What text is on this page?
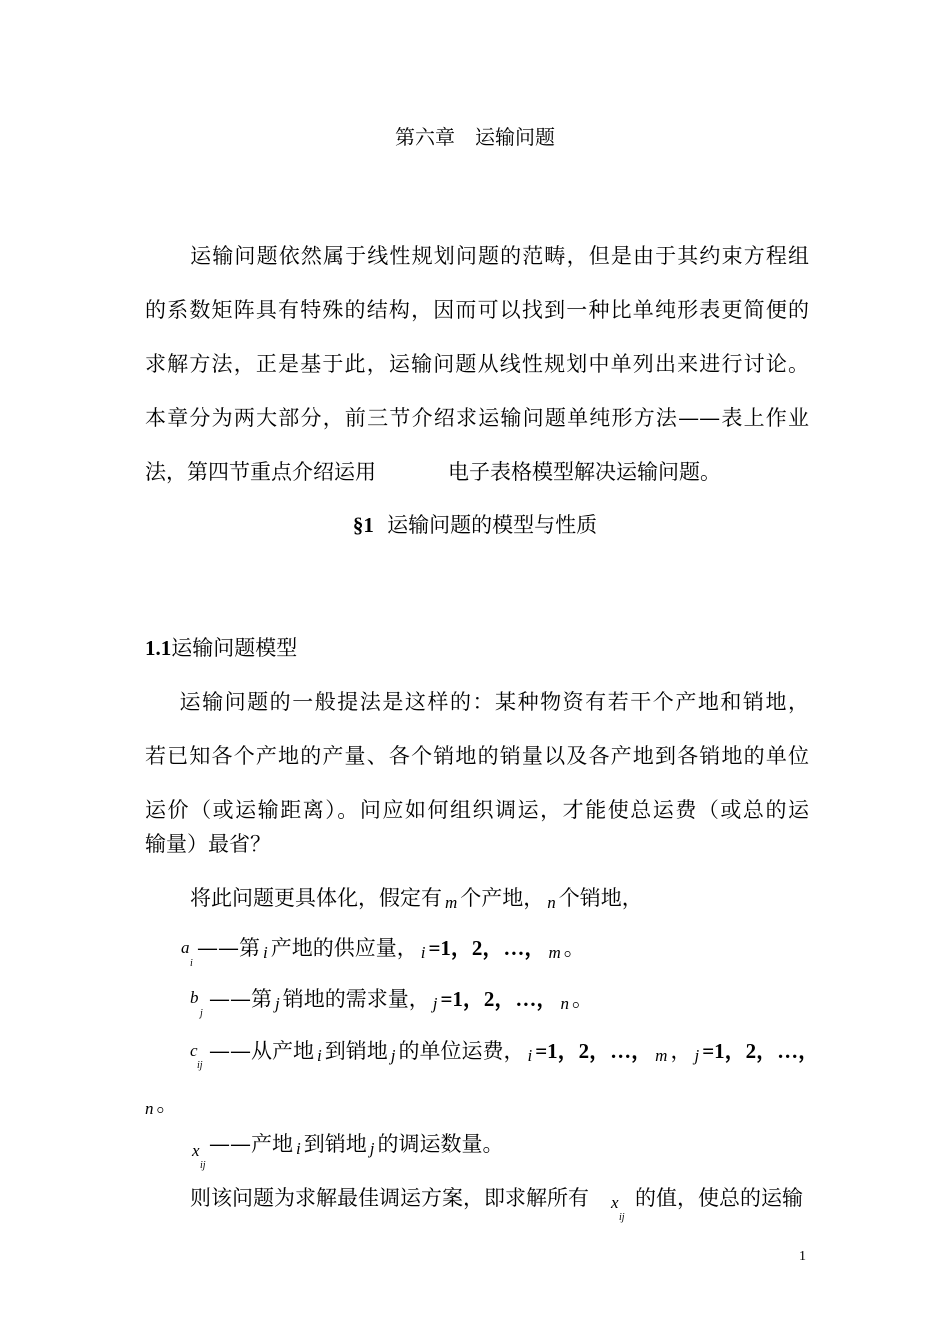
第六章　运输问题
运输问题依然属于线性规划问题的范畴，但是由于其约束方程组
的系数矩阵具有特殊的结构，因而可以找到一种比单纯形表更简便的
求解方法，正是基于此，运输问题从线性规划中单列出来进行讨论。
本章分为两大部分，前三节介绍求运输问题单纯形方法——表上作业
法，第四节重点介绍运用	电子表格模型解决运输问题。
§1 运输问题的模型与性质
1.1运输问题模型
运输问题的一般提法是这样的：某种物资有若干个产地和销地，
若已知各个产地的产量、各个销地的销量以及各产地到各销地的单位
运价（或运输距离）。问应如何组织调运，才能使总运费（或总的运
输量）最省？
将此问题更具体化，假定有 m 个产地， n 个销地，
a
i
——第 i 产地的供应量， i =1，2，…， m 。
b
j
——第 j 销地的需求量， j =1，2，…， n 。
c
ij
——从产地 i 到销地 j 的单位运费， i =1，2，…， m ， j =1，2，…，
n 。
x
ij
——产地 i 到销地 j 的调运数量。
则该问题为求解最佳调运方案，即求解所有 x
ij
的值，使总的运输
1
